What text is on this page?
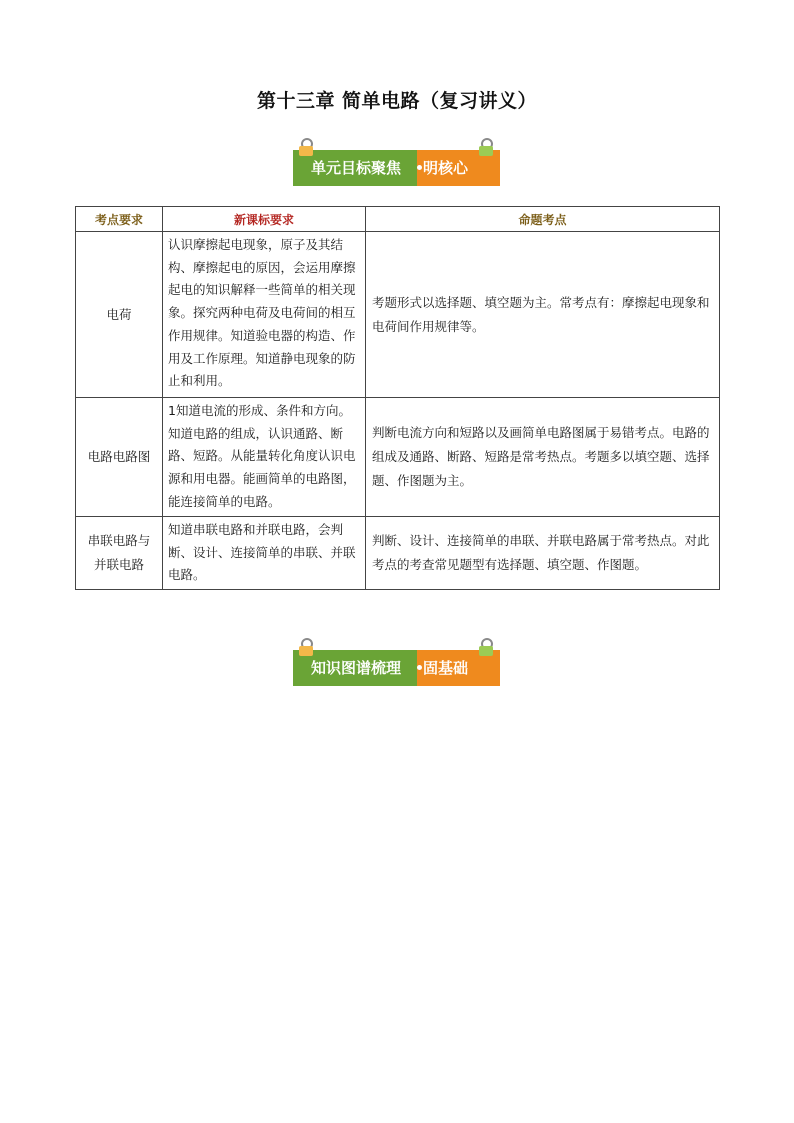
第十三章 简单电路（复习讲义）
单元目标聚焦	明核心
考点要求	新课标要求	命题考点
电荷	认识摩擦起电现象，原子及其结构、摩擦起电的原因，会运用摩擦起电的知识解释一些简单的相关现象。探究两种电荷及电荷间的相互作用规律。知道验电器的构造、作用及工作原理。知道静电现象的防止和利用。	考题形式以选择题、填空题为主。常考点有：摩擦起电现象和电荷间作用规律等。
电路电路图	1知道电流的形成、条件和方向。知道电路的组成，认识通路、断路、短路。从能量转化角度认识电源和用电器。能画简单的电路图，能连接简单的电路。	判断电流方向和短路以及画简单电路图属于易错考点。电路的组成及通路、断路、短路是常考热点。考题多以填空题、选择题、作图题为主。
串联电路与并联电路	知道串联电路和并联电路，会判断、设计、连接简单的串联、并联电路。	判断、设计、连接简单的串联、并联电路属于常考热点。对此考点的考查常见题型有选择题、填空题、作图题。
知识图谱梳理	固基础
